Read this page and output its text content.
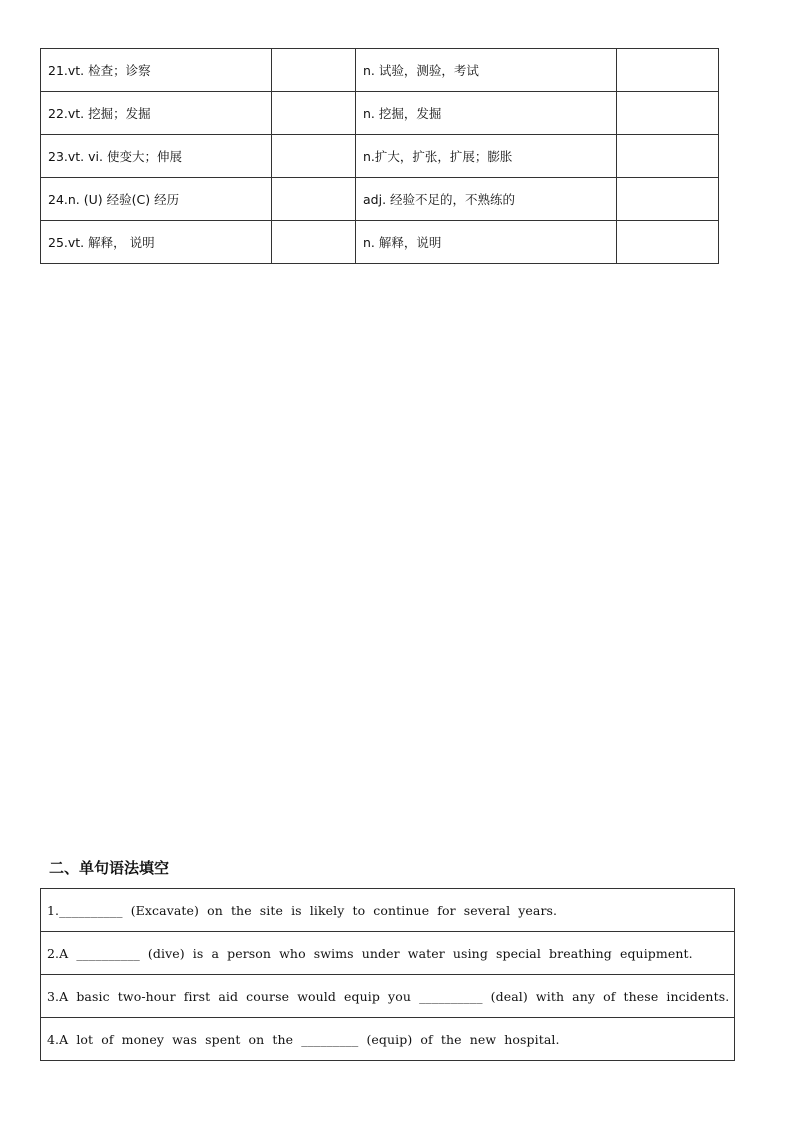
21.vt. 检查；诊察		n. 试验，测验，考试	
22.vt. 挖掘；发掘		n. 挖掘，发掘	
23.vt. vi. 使变大；伸展		n.扩大，扩张，扩展；膨胀	
24.n. (U) 经验(C) 经历		adj. 经验不足的，不熟练的	
25.vt. 解释， 说明		n. 解释，说明	
二、单句语法填空
1.__________ (Excavate) on the site is likely to continue for several years.
2.A __________ (dive) is a person who swims under water using special breathing equipment.
3.A basic two-hour first aid course would equip you __________ (deal) with any of these incidents.
4.A lot of money was spent on the _________ (equip) of the new hospital.
